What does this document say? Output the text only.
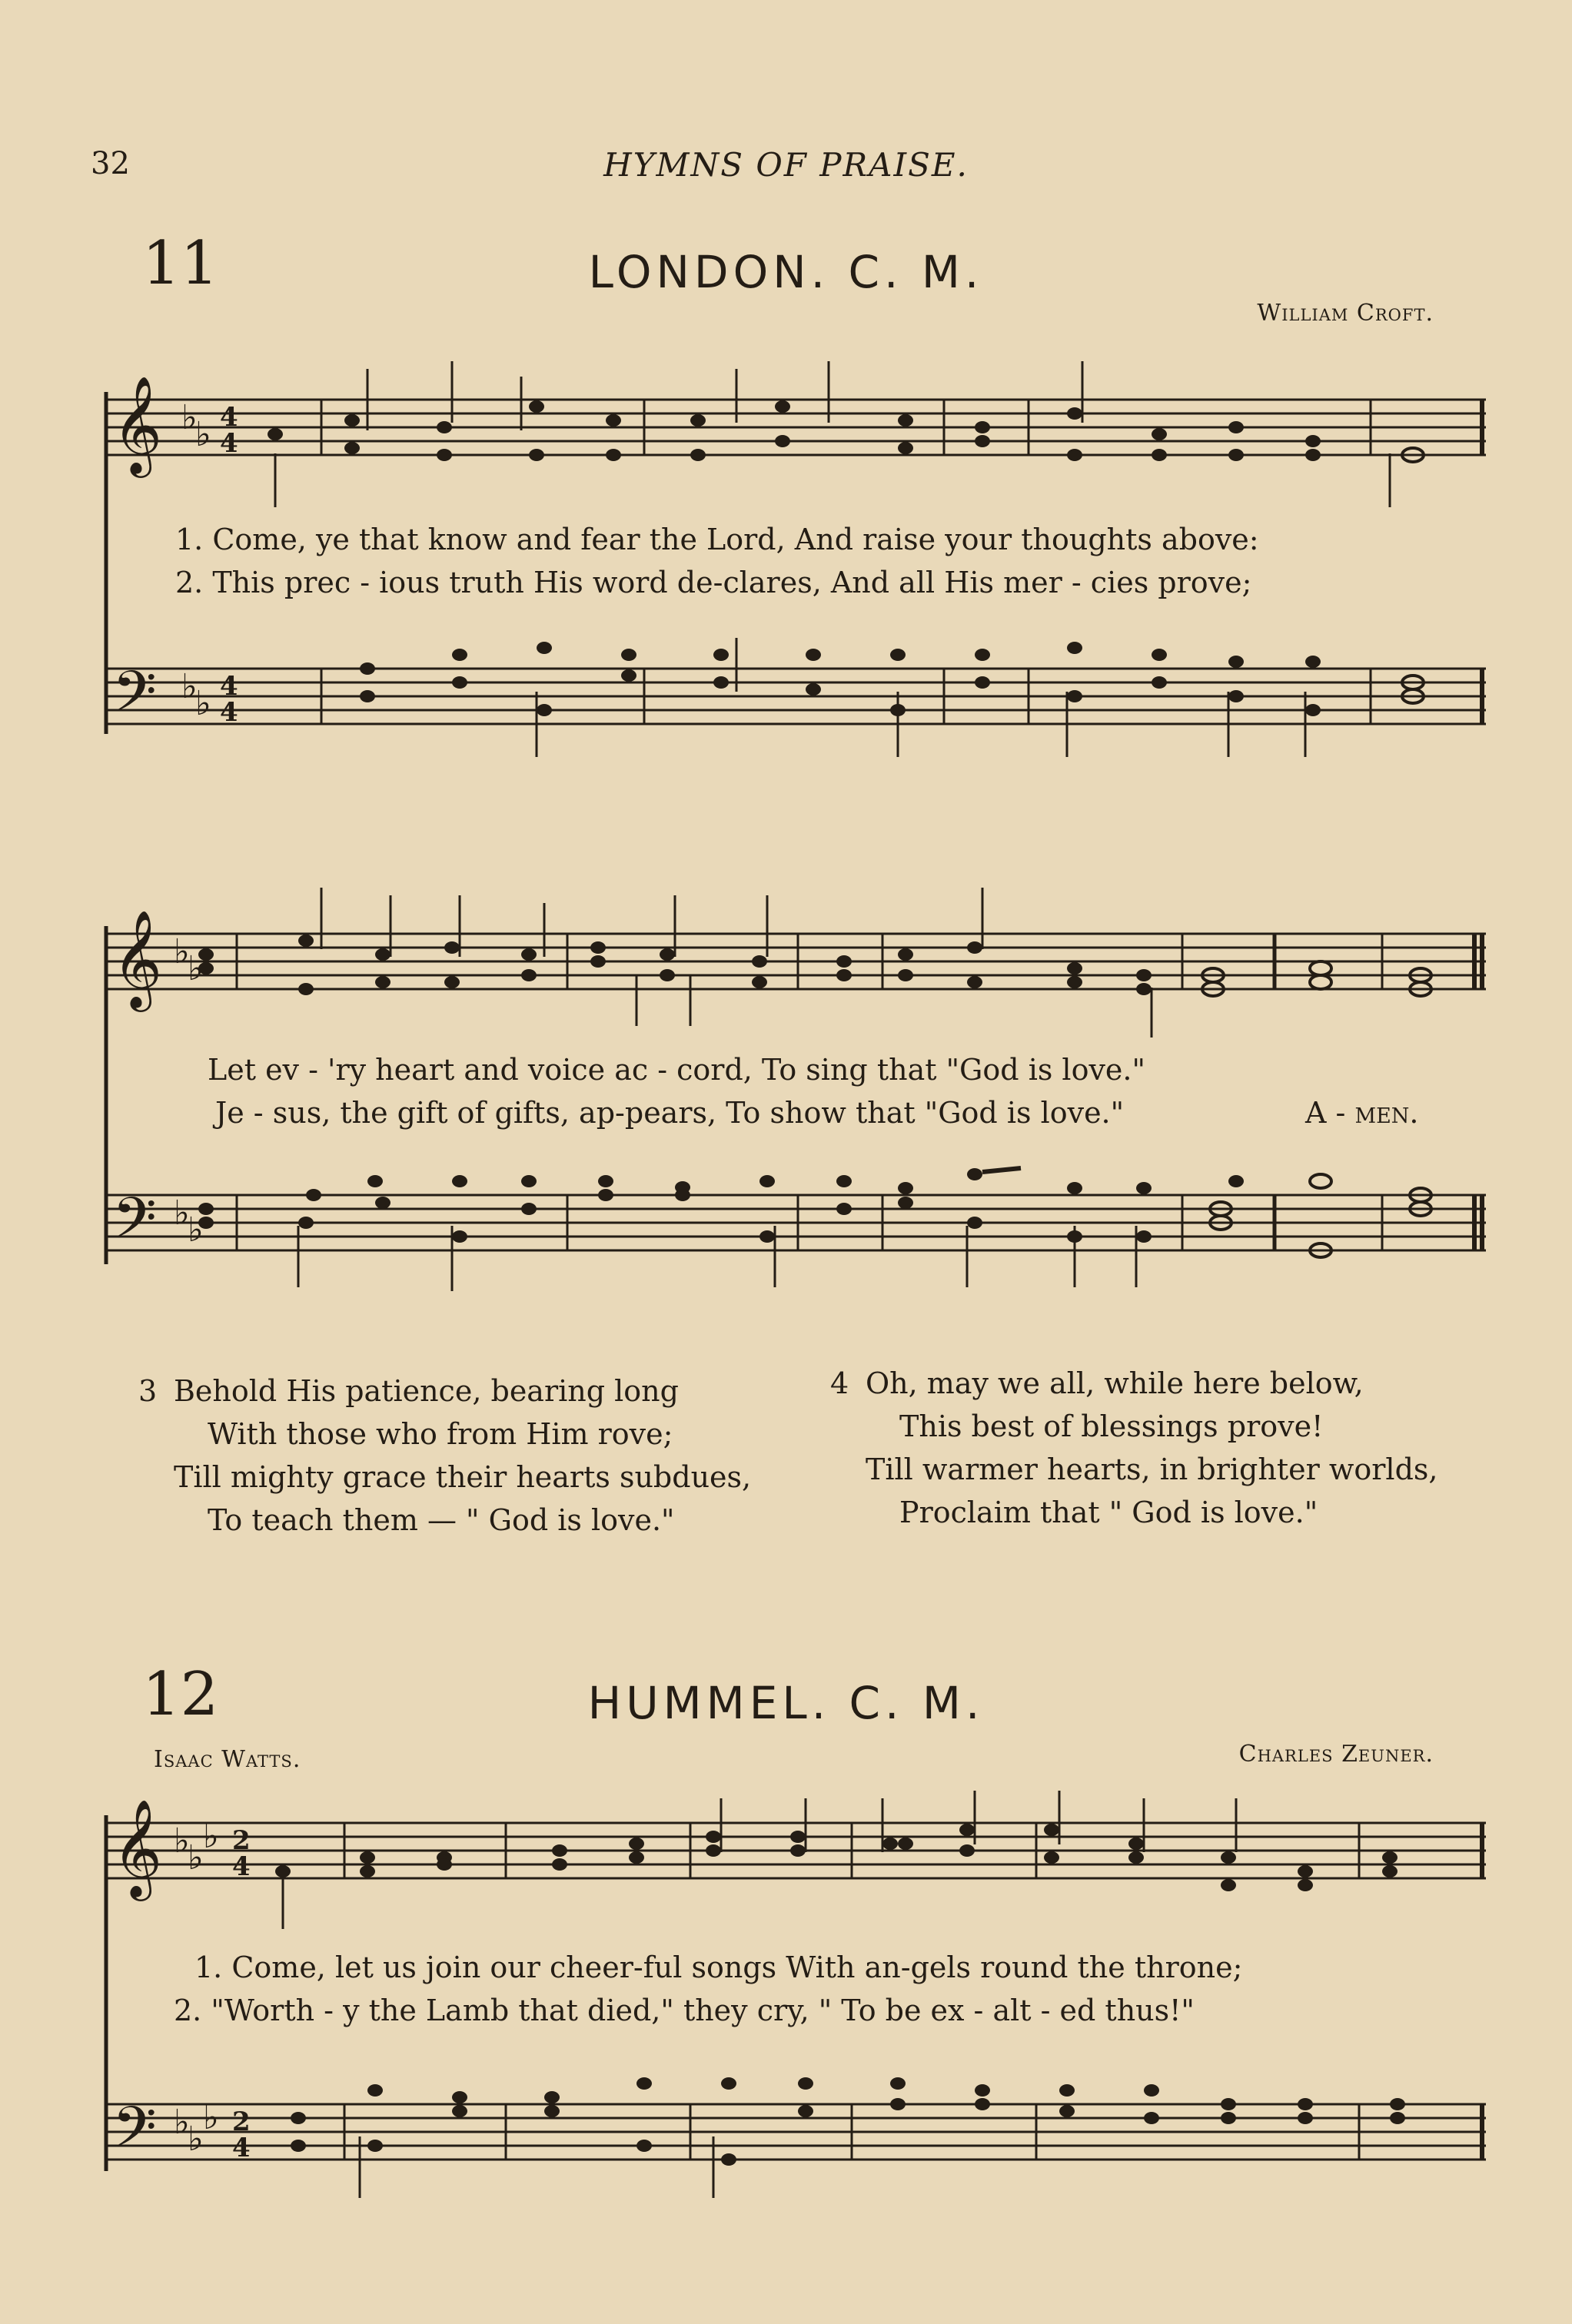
32	HYMNS OF PRAISE.
11	LONDON. C. M.
William Croft.
𝄞
𝄢
♭
♭ 4
4
♭
♭ 4
4
1. Come, ye that know and fear the Lord, And raise your thoughts above:
2. This prec - ious truth His word de-clares, And all His mer - cies prove;
𝄞
𝄢
♭
♭
♭
♭
Let ev - 'ry heart and voice ac - cord, To sing that "God is love."
Je - sus, the gift of gifts, ap-pears, To show that "God is love."	A - men.
3 Behold His patience, bearing long
With those who from Him rove;
Till mighty grace their hearts subdues,
To teach them — " God is love."
4 Oh, may we all, while here below,
This best of blessings prove!
Till warmer hearts, in brighter worlds,
Proclaim that " God is love."
12	HUMMEL. C. M.
Isaac Watts.	Charles Zeuner.
𝄞
𝄢
♭
♭
♭ 2
4
♭
♭
♭ 2
4
1. Come, let us join our cheer-ful songs With an-gels round the throne;
2. "Worth - y the Lamb that died," they cry, " To be ex - alt - ed thus!"
